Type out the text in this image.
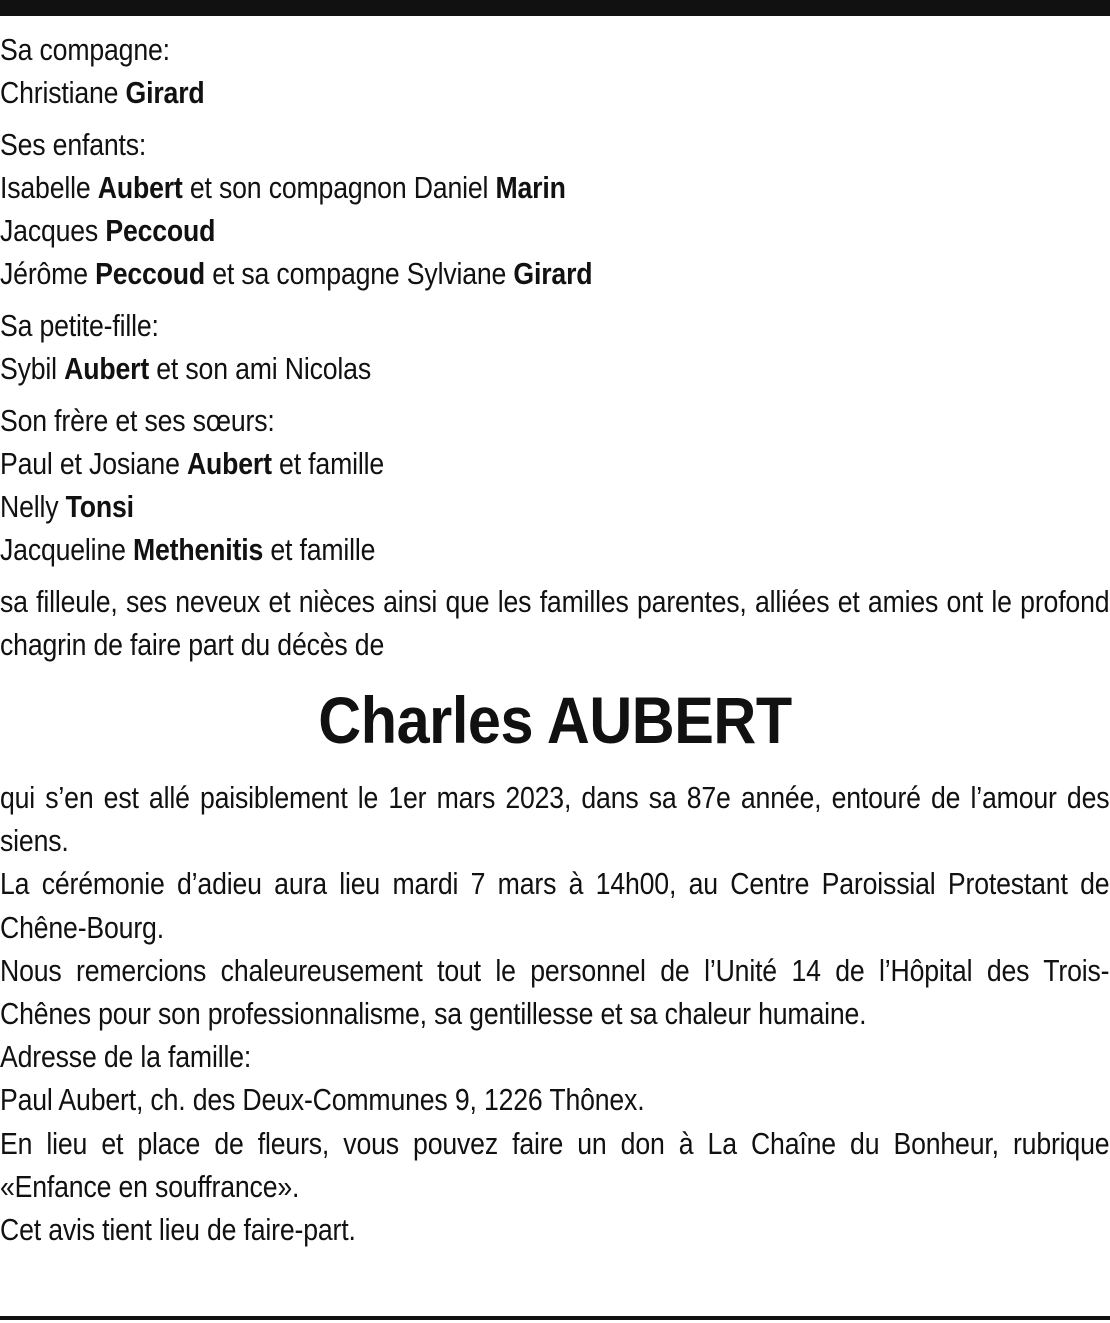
Sa compagne:
Christiane Girard
Ses enfants:
Isabelle Aubert et son compagnon Daniel Marin
Jacques Peccoud
Jérôme Peccoud et sa compagne Sylviane Girard
Sa petite-fille:
Sybil Aubert et son ami Nicolas
Son frère et ses sœurs:
Paul et Josiane Aubert et famille
Nelly Tonsi
Jacqueline Methenitis et famille
sa filleule, ses neveux et nièces ainsi que les familles parentes, alliées et amies ont le profond chagrin de faire part du décès de
Charles AUBERT
qui s’en est allé paisiblement le 1er mars 2023, dans sa 87e année, entouré de l’amour des siens.
La cérémonie d’adieu aura lieu mardi 7 mars à 14h00, au Centre Paroissial Protestant de Chêne-Bourg.
Nous remercions chaleureusement tout le personnel de l’Unité 14 de l’Hôpital des Trois-Chênes pour son professionnalisme, sa gentillesse et sa chaleur humaine.
Adresse de la famille:
Paul Aubert, ch. des Deux-Communes 9, 1226 Thônex.
En lieu et place de fleurs, vous pouvez faire un don à La Chaîne du Bonheur, rubrique «Enfance en souffrance».
Cet avis tient lieu de faire-part.
